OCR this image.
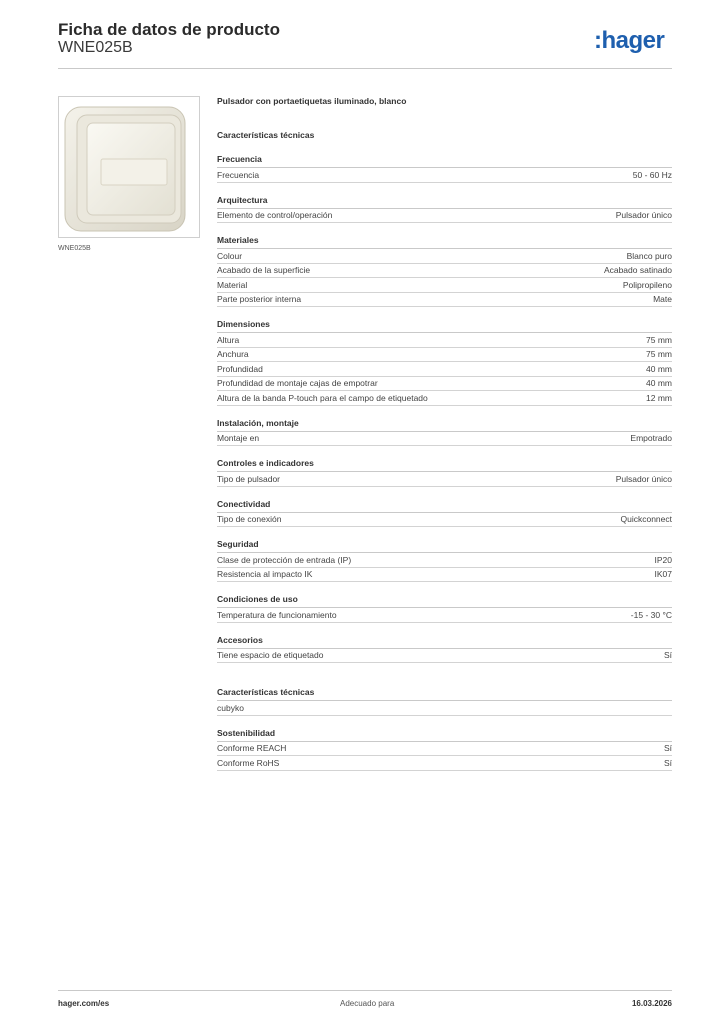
Ficha de datos de producto
WNE025B	:hager
WNE025B
Pulsador con portaetiquetas iluminado, blanco
Características técnicas
Frecuencia
Frecuencia	50 - 60 Hz
Arquitectura
Elemento de control/operación	Pulsador único
Materiales
Colour	Blanco puro
Acabado de la superficie	Acabado satinado
Material	Polipropileno
Parte posterior interna	Mate
Dimensiones
Altura	75 mm
Anchura	75 mm
Profundidad	40 mm
Profundidad de montaje cajas de empotrar	40 mm
Altura de la banda P-touch para el campo de etiquetado	12 mm
Instalación, montaje
Montaje en	Empotrado
Controles e indicadores
Tipo de pulsador	Pulsador único
Conectividad
Tipo de conexión	Quickconnect
Seguridad
Clase de protección de entrada (IP)	IP20
Resistencia al impacto IK	IK07
Condiciones de uso
Temperatura de funcionamiento	-15 - 30 °C
Accesorios
Tiene espacio de etiquetado	Sí
Características técnicas
cubyko
Sostenibilidad
Conforme REACH	Sí
Conforme RoHS	Sí
hager.com/es	Adecuado para	16.03.2026
